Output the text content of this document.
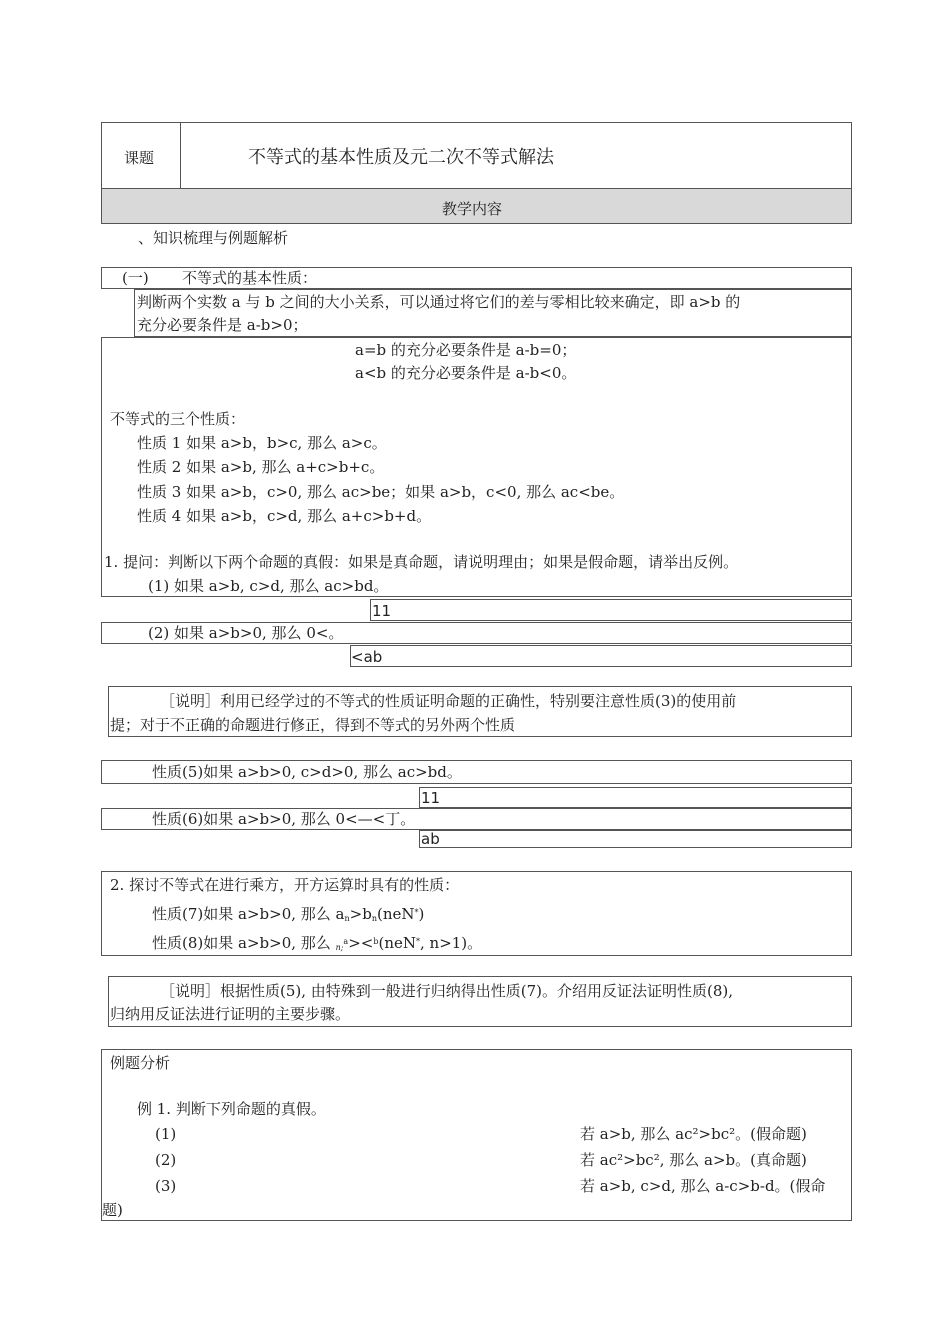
课题	不等式的基本性质及元二次不等式解法
教学内容
、知识梳理与例题解析
(一) 不等式的基本性质：
判断两个实数 a 与 b 之间的大小关系，可以通过将它们的差与零相比较来确定，即 a>b 的
充分必要条件是 a-b>0；
a=b 的充分必要条件是 a-b=0；
a<b 的充分必要条件是 a-b<0。
不等式的三个性质：
性质 1 如果 a>b，b>c, 那么 a>c。
性质 2 如果 a>b, 那么 a+c>b+c。
性质 3 如果 a>b，c>0, 那么 ac>be；如果 a>b，c<0, 那么 ac<be。
性质 4 如果 a>b，c>d, 那么 a+c>b+d。
1. 提问：判断以下两个命题的真假：如果是真命题，请说明理由；如果是假命题，请举出反例。
(1) 如果 a>b, c>d, 那么 ac>bd。
11
(2) 如果 a>b>0, 那么 0<。
<ab
［说明］利用已经学过的不等式的性质证明命题的正确性，特别要注意性质(3)的使用前
提；对于不正确的命题进行修正，得到不等式的另外两个性质
性质(5)如果 a>b>0, c>d>0, 那么 ac>bd。
11
性质(6)如果 a>b>0, 那么 0<—<丁。
ab
2. 探讨不等式在进行乘方，开方运算时具有的性质：
性质(7)如果 a>b>0, 那么 $a_n>b_n(neN^*)$
性质(8)如果 a>b>0, 那么 $_{n;}^a$><$^b$(neN*, n>1)。
［说明］根据性质(5), 由特殊到一般进行归纳得出性质(7)。介绍用反证法证明性质(8),
归纳用反证法进行证明的主要步骤。
例题分析
例 1. 判断下列命题的真假。
(1)	若 a>b, 那么 ac²>bc²。(假命题)
(2)	若 ac²>bc², 那么 a>b。(真命题)
(3)	若 a>b, c>d, 那么 a-c>b-d。(假命
题)
